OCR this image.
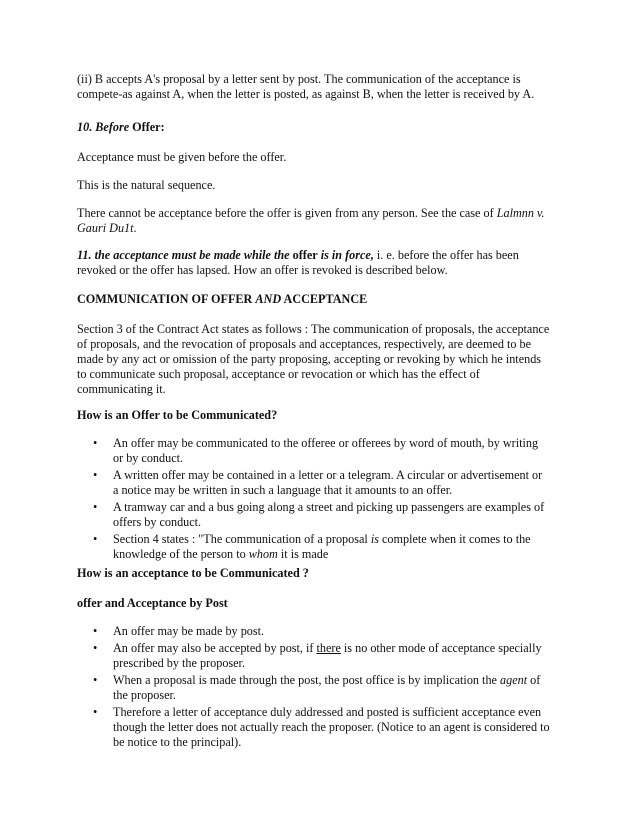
(ii) B accepts A's proposal by a letter sent by post. The communication of the acceptance is
compete-as against A, when the letter is posted, as against B, when the letter is received by A.

10. Before Offer:

Acceptance must be given before the offer.

This is the natural sequence.

There cannot be acceptance before the offer is given from any person. See the case of Lalmnn v.
Gauri Du1t.

11. the acceptance must be made while the offer is in force, i. e. before the offer has been
revoked or the offer has lapsed. How an offer is revoked is described below.

COMMUNICATION OF OFFER AND ACCEPTANCE

Section 3 of the Contract Act states as follows : The communication of proposals, the acceptance
of proposals, and the revocation of proposals and acceptances, respectively, are deemed to be
made by any act or omission of the party proposing, accepting or revoking by which he intends
to communicate such proposal, acceptance or revocation or which has the effect of
communicating it.

How is an Offer to be Communicated?

• An offer may be communicated to the offeree or offerees by word of mouth, by writing
or by conduct.
• A written offer may be contained in a letter or a telegram. A circular or advertisement or
a notice may be written in such a language that it amounts to an offer.
• A tramway car and a bus going along a street and picking up passengers are examples of
offers by conduct.
• Section 4 states : "The communication of a proposal is complete when it comes to the
knowledge of the person to whom it is made

How is an acceptance to be Communicated ?

offer and Acceptance by Post

• An offer may be made by post.
• An offer may also be accepted by post, if there is no other mode of acceptance specially
prescribed by the proposer.
• When a proposal is made through the post, the post office is by implication the agent of
the proposer.
• Therefore a letter of acceptance duly addressed and posted is sufficient acceptance even
though the letter does not actually reach the proposer. (Notice to an agent is considered to
be notice to the principal).
